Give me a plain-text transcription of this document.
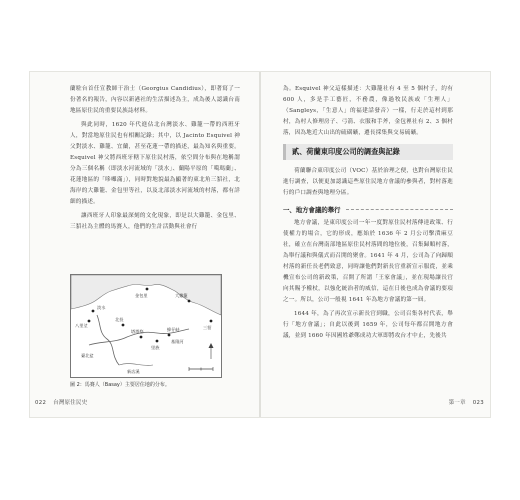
蘭駐台首任宣教師干治士（Georgius Candidius），即著寫了一份著名的報告，內容以新港社的生活描述為主，成為後人認識台南地區原住民的重要民族誌材料。

與此同時，1620 年代進佔北台灣淡水、雞籠一帶的西班牙人，對當地原住民也有相關記錄；其中，以 Jacinto Esquivel 神父對淡水、雞籠、宜蘭，甚至花蓮一帶的描述，最為知名與重要。Esquivel 神父將西班牙轄下原住民村落，依空間分布與在地稱謂分為三個名稱（即淡水河流域的「淡水」、蘭陽平原的「噶瑪蘭」、花蓮地區的「哆囉滿」），同時對地貌最為顯著的東北角三貂社，北海岸的大雞籠、金包里等社，以及北部淡水河流域的村落，都有詳細的描述。

讓西班牙人印象最深刻的文化現象，即是以大雞籠、金包里、三貂社為主體的馬賽人，他們的生計活動與社會行

大雞籠
金包里
淡水
八里坌
北投
塔塔悠
里族
蜂仔峙
基隆河
三貂
臺北盆
新店溪
圖 2：馬賽人（Basay）主要居住地的分布。
022 台灣原住民史

為。Esquivel 神父這樣描述：大雞籠社有 4 至 5 個村子，約有 600 人，多是手工藝匠，不務農，像過牧民族或「生理人」（Sangleys，「生意人」的福建話發音）一樣，行走於這村到那村，為村人修理房子、弓箭、衣服和手斧，金包裡社有 2、3 個村落，因為地近大山出的硫磺礦，遷長採集與交易硫礦。

貳、荷蘭東印度公司的調查與記錄

荷蘭聯合東印度公司（VOC）基於治理之便，也對台灣原住民進行調查，以便更加認識這些原住民地方會議的參與者，對村落進行的戶口調查與地理分區。

一、地方會議的舉行

地方會議，是東印度公司一年一度對原住民村落傳達政策、行使權力的場合，它的形成，應始於 1636 年 2 月公司擊潰麻豆社，確立在台灣南部地區原住民村落間的地位後，召集歸順村落，為舉行議和與儀式而召開的聚會。1641 年 4 月，公司為了向歸順村落的新任長老們致意，同時讓他們對新長官重新宣示服從，並乘機宣布公司的新政策，召開了所謂「王家會議」，並在現場讓長官向其賜予權杖，以強化統治者的威信，這在日後也成為會議的要項之一。所以，公司一般視 1641 年為地方會議的第一屆。

1644 年，為了再次宣示新長官到職，公司召集各村代表，舉行「地方會議」；自此以後到 1659 年，公司每年都召開地方會議，並到 1660 年因國姓爺鄭成功大軍即將攻台才中止，先後共

第一章 023
